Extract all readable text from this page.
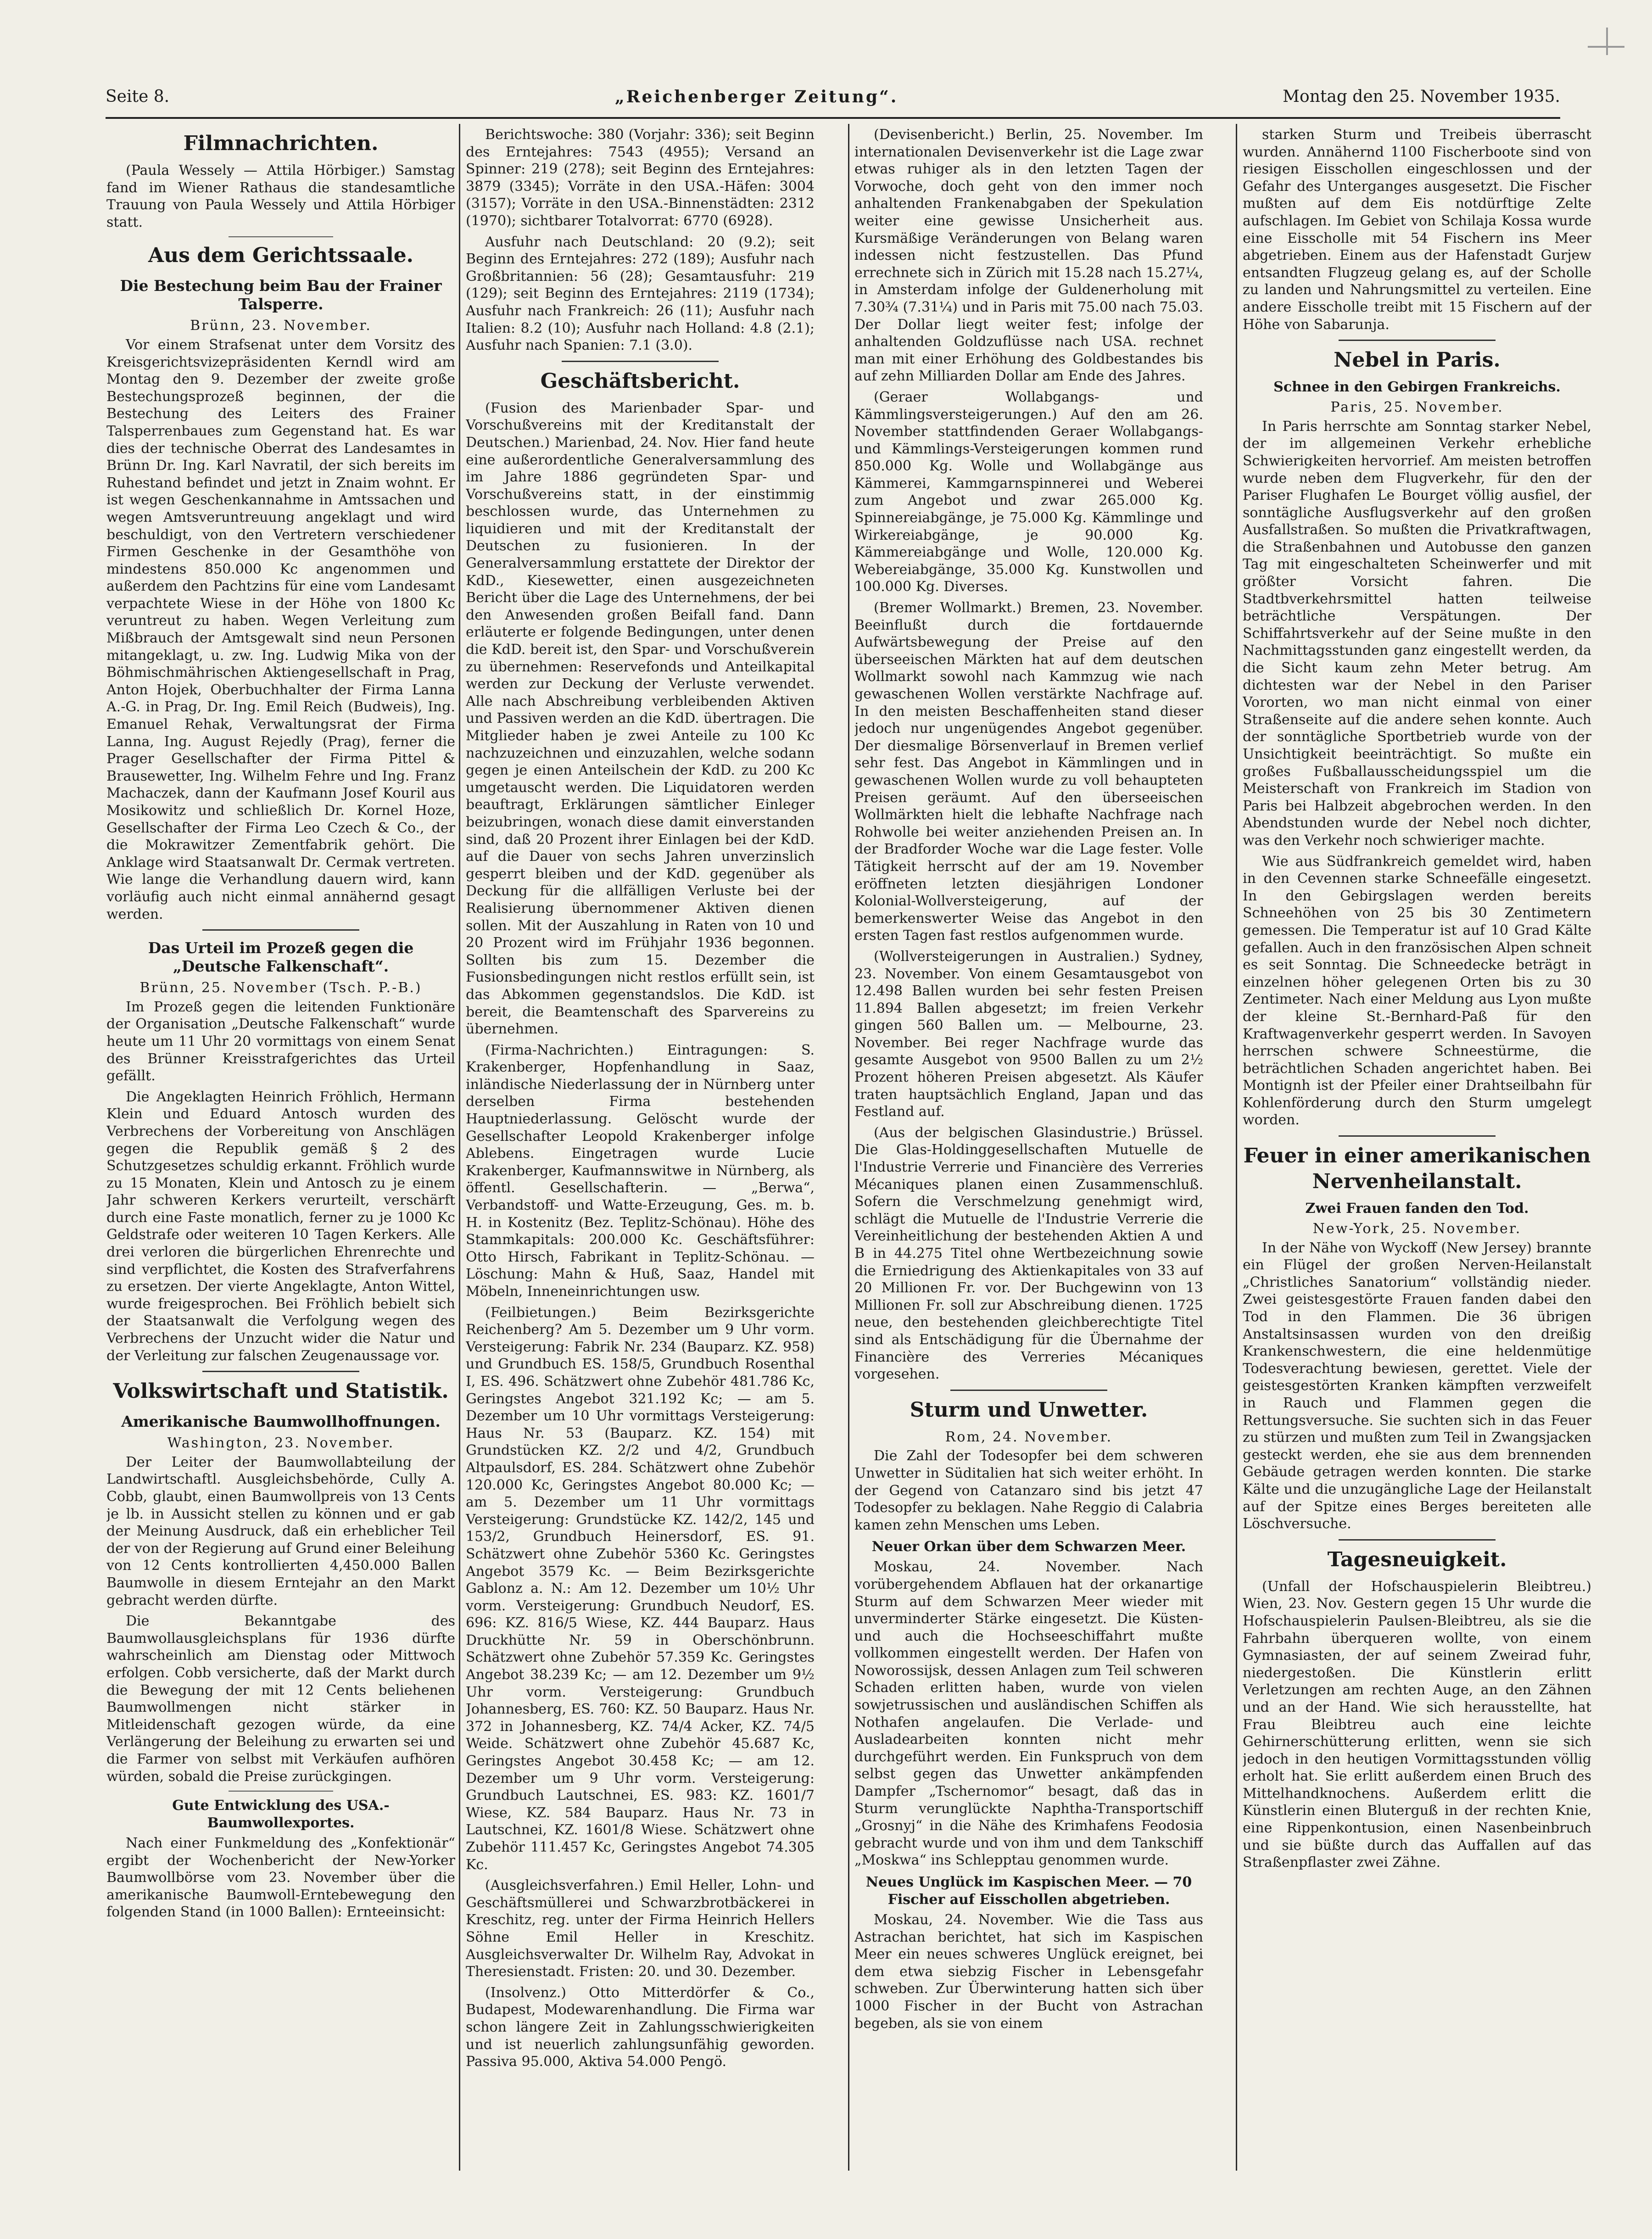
Seite 8.	„Reichenberger Zeitung“.	Montag den 25. November 1935.
Filmnachrichten.

(Paula Wessely — Attila Hörbiger.) Samstag fand im Wiener Rathaus die standesamtliche Trauung von Paula Wessely und Attila Hörbiger statt.

Aus dem Gerichtssaale.
Die Bestechung beim Bau der Frainer Talsperre.
Brünn, 23. November.

Vor einem Strafsenat unter dem Vorsitz des Kreisgerichtsvizepräsidenten Kerndl wird am Montag den 9. Dezember der zweite große Bestechungsprozeß beginnen, der die Bestechung des Leiters des Frainer Talsperrenbaues zum Gegenstand hat. Es war dies der technische Oberrat des Landesamtes in Brünn Dr. Ing. Karl Navratil, der sich bereits im Ruhestand befindet und jetzt in Znaim wohnt. Er ist wegen Geschenkannahme in Amtssachen und wegen Amtsveruntreuung angeklagt und wird beschuldigt, von den Vertretern verschiedener Firmen Geschenke in der Gesamthöhe von mindestens 850.000 Kc angenommen und außerdem den Pachtzins für eine vom Landesamt verpachtete Wiese in der Höhe von 1800 Kc veruntreut zu haben. Wegen Verleitung zum Mißbrauch der Amtsgewalt sind neun Personen mitangeklagt, u. zw. Ing. Ludwig Mika von der Böhmischmährischen Aktiengesellschaft in Prag, Anton Hojek, Oberbuchhalter der Firma Lanna A.-G. in Prag, Dr. Ing. Emil Reich (Budweis), Ing. Emanuel Rehak, Verwaltungsrat der Firma Lanna, Ing. August Rejedly (Prag), ferner die Prager Gesellschafter der Firma Pittel & Brausewetter, Ing. Wilhelm Fehre und Ing. Franz Machaczek, dann der Kaufmann Josef Kouril aus Mosikowitz und schließlich Dr. Kornel Hoze, Gesellschafter der Firma Leo Czech & Co., der die Mokrawitzer Zementfabrik gehört. Die Anklage wird Staatsanwalt Dr. Cermak vertreten. Wie lange die Verhandlung dauern wird, kann vorläufig auch nicht einmal annähernd gesagt werden.

Das Urteil im Prozeß gegen die „Deutsche Falkenschaft“.
Brünn, 25. November (Tsch. P.-B.)

Im Prozeß gegen die leitenden Funktionäre der Organisation „Deutsche Falkenschaft“ wurde heute um 11 Uhr 20 vormittags von einem Senat des Brünner Kreisstrafgerichtes das Urteil gefällt.

Die Angeklagten Heinrich Fröhlich, Hermann Klein und Eduard Antosch wurden des Verbrechens der Vorbereitung von Anschlägen gegen die Republik gemäß § 2 des Schutzgesetzes schuldig erkannt. Fröhlich wurde zu 15 Monaten, Klein und Antosch zu je einem Jahr schweren Kerkers verurteilt, verschärft durch eine Faste monatlich, ferner zu je 1000 Kc Geldstrafe oder weiteren 10 Tagen Kerkers. Alle drei verloren die bürgerlichen Ehrenrechte und sind verpflichtet, die Kosten des Strafverfahrens zu ersetzen. Der vierte Angeklagte, Anton Wittel, wurde freigesprochen. Bei Fröhlich bebielt sich der Staatsanwalt die Verfolgung wegen des Verbrechens der Unzucht wider die Natur und der Verleitung zur falschen Zeugenaussage vor.

Volkswirtschaft und Statistik.
Amerikanische Baumwollhoffnungen.
Washington, 23. November.

Der Leiter der Baumwollabteilung der Landwirtschaftl. Ausgleichsbehörde, Cully A. Cobb, glaubt, einen Baumwollpreis von 13 Cents je lb. in Aussicht stellen zu können und er gab der Meinung Ausdruck, daß ein erheblicher Teil der von der Regierung auf Grund einer Beleihung von 12 Cents kontrollierten 4,450.000 Ballen Baumwolle in diesem Erntejahr an den Markt gebracht werden dürfte.

Die Bekanntgabe des Baumwollausgleichsplans für 1936 dürfte wahrscheinlich am Dienstag oder Mittwoch erfolgen. Cobb versicherte, daß der Markt durch die Bewegung der mit 12 Cents beliehenen Baumwollmengen nicht stärker in Mitleidenschaft gezogen würde, da eine Verlängerung der Beleihung zu erwarten sei und die Farmer von selbst mit Verkäufen aufhören würden, sobald die Preise zurückgingen.

Gute Entwicklung des USA.-Baumwollexportes.

Nach einer Funkmeldung des „Konfektionär“ ergibt der Wochenbericht der New-Yorker Baumwollbörse vom 23. November über die amerikanische Baumwoll-Erntebewegung den folgenden Stand (in 1000 Ballen): Ernteeinsicht:

Berichtswoche: 380 (Vorjahr: 336); seit Beginn des Erntejahres: 7543 (4955); Versand an Spinner: 219 (278); seit Beginn des Erntejahres: 3879 (3345); Vorräte in den USA.-Häfen: 3004 (3157); Vorräte in den USA.-Binnenstädten: 2312 (1970); sichtbarer Totalvorrat: 6770 (6928).

Ausfuhr nach Deutschland: 20 (9.2); seit Beginn des Erntejahres: 272 (189); Ausfuhr nach Großbritannien: 56 (28); Gesamtausfuhr: 219 (129); seit Beginn des Erntejahres: 2119 (1734); Ausfuhr nach Frankreich: 26 (11); Ausfuhr nach Italien: 8.2 (10); Ausfuhr nach Holland: 4.8 (2.1); Ausfuhr nach Spanien: 7.1 (3.0).

Geschäftsbericht.

(Fusion des Marienbader Spar- und Vorschußvereins mit der Kreditanstalt der Deutschen.) Marienbad, 24. Nov. Hier fand heute eine außerordentliche Generalversammlung des im Jahre 1886 gegründeten Spar- und Vorschußvereins statt, in der einstimmig beschlossen wurde, das Unternehmen zu liquidieren und mit der Kreditanstalt der Deutschen zu fusionieren. In der Generalversammlung erstattete der Direktor der KdD., Kiesewetter, einen ausgezeichneten Bericht über die Lage des Unternehmens, der bei den Anwesenden großen Beifall fand. Dann erläuterte er folgende Bedingungen, unter denen die KdD. bereit ist, den Spar- und Vorschußverein zu übernehmen: Reservefonds und Anteilkapital werden zur Deckung der Verluste verwendet. Alle nach Abschreibung verbleibenden Aktiven und Passiven werden an die KdD. übertragen. Die Mitglieder haben je zwei Anteile zu 100 Kc nachzuzeichnen und einzuzahlen, welche sodann gegen je einen Anteilschein der KdD. zu 200 Kc umgetauscht werden. Die Liquidatoren werden beauftragt, Erklärungen sämtlicher Einleger beizubringen, wonach diese damit einverstanden sind, daß 20 Prozent ihrer Einlagen bei der KdD. auf die Dauer von sechs Jahren unverzinslich gesperrt bleiben und der KdD. gegenüber als Deckung für die allfälligen Verluste bei der Realisierung übernommener Aktiven dienen sollen. Mit der Auszahlung in Raten von 10 und 20 Prozent wird im Frühjahr 1936 begonnen. Sollten bis zum 15. Dezember die Fusionsbedingungen nicht restlos erfüllt sein, ist das Abkommen gegenstandslos. Die KdD. ist bereit, die Beamtenschaft des Sparvereins zu übernehmen.

(Firma-Nachrichten.) Eintragungen: S. Krakenberger, Hopfenhandlung in Saaz, inländische Niederlassung der in Nürnberg unter derselben Firma bestehenden Hauptniederlassung. Gelöscht wurde der Gesellschafter Leopold Krakenberger infolge Ablebens. Eingetragen wurde Lucie Krakenberger, Kaufmannswitwe in Nürnberg, als öffentl. Gesellschafterin. — „Berwa“, Verbandstoff- und Watte-Erzeugung, Ges. m. b. H. in Kostenitz (Bez. Teplitz-Schönau). Höhe des Stammkapitals: 200.000 Kc. Geschäftsführer: Otto Hirsch, Fabrikant in Teplitz-Schönau. — Löschung: Mahn & Huß, Saaz, Handel mit Möbeln, Inneneinrichtungen usw.

(Feilbietungen.) Beim Bezirksgerichte Reichenberg? Am 5. Dezember um 9 Uhr vorm. Versteigerung: Fabrik Nr. 234 (Bauparz. KZ. 958) und Grundbuch ES. 158/5, Grundbuch Rosenthal I, ES. 496. Schätzwert ohne Zubehör 481.786 Kc, Geringstes Angebot 321.192 Kc; — am 5. Dezember um 10 Uhr vormittags Versteigerung: Haus Nr. 53 (Bauparz. KZ. 154) mit Grundstücken KZ. 2/2 und 4/2, Grundbuch Altpaulsdorf, ES. 284. Schätzwert ohne Zubehör 120.000 Kc, Geringstes Angebot 80.000 Kc; — am 5. Dezember um 11 Uhr vormittags Versteigerung: Grundstücke KZ. 142/2, 145 und 153/2, Grundbuch Heinersdorf, ES. 91. Schätzwert ohne Zubehör 5360 Kc. Geringstes Angebot 3579 Kc. — Beim Bezirksgerichte Gablonz a. N.: Am 12. Dezember um 10½ Uhr vorm. Versteigerung: Grundbuch Neudorf, ES. 696: KZ. 816/5 Wiese, KZ. 444 Bauparz. Haus Druckhütte Nr. 59 in Oberschönbrunn. Schätzwert ohne Zubehör 57.359 Kc. Geringstes Angebot 38.239 Kc; — am 12. Dezember um 9½ Uhr vorm. Versteigerung: Grundbuch Johannesberg, ES. 760: KZ. 50 Bauparz. Haus Nr. 372 in Johannesberg, KZ. 74/4 Acker, KZ. 74/5 Weide. Schätzwert ohne Zubehör 45.687 Kc, Geringstes Angebot 30.458 Kc; — am 12. Dezember um 9 Uhr vorm. Versteigerung: Grundbuch Lautschnei, ES. 983: KZ. 1601/7 Wiese, KZ. 584 Bauparz. Haus Nr. 73 in Lautschnei, KZ. 1601/8 Wiese. Schätzwert ohne Zubehör 111.457 Kc, Geringstes Angebot 74.305 Kc.

(Ausgleichsverfahren.) Emil Heller, Lohn- und Geschäftsmüllerei und Schwarzbrotbäckerei in Kreschitz, reg. unter der Firma Heinrich Hellers Söhne Emil Heller in Kreschitz. Ausgleichsverwalter Dr. Wilhelm Ray, Advokat in Theresienstadt. Fristen: 20. und 30. Dezember.

(Insolvenz.) Otto Mitterdörfer & Co., Budapest, Modewarenhandlung. Die Firma war schon längere Zeit in Zahlungsschwierigkeiten und ist neuerlich zahlungsunfähig geworden. Passiva 95.000, Aktiva 54.000 Pengö.

(Devisenbericht.) Berlin, 25. November. Im internationalen Devisenverkehr ist die Lage zwar etwas ruhiger als in den letzten Tagen der Vorwoche, doch geht von den immer noch anhaltenden Frankenabgaben der Spekulation weiter eine gewisse Unsicherheit aus. Kursmäßige Veränderungen von Belang waren indessen nicht festzustellen. Das Pfund errechnete sich in Zürich mit 15.28 nach 15.27¼, in Amsterdam infolge der Guldenerholung mit 7.30¾ (7.31¼) und in Paris mit 75.00 nach 75.03. Der Dollar liegt weiter fest; infolge der anhaltenden Goldzuflüsse nach USA. rechnet man mit einer Erhöhung des Goldbestandes bis auf zehn Milliarden Dollar am Ende des Jahres.

(Geraer Wollabgangs- und Kämmlingsversteigerungen.) Auf den am 26. November stattfindenden Geraer Wollabgangs- und Kämmlings-Versteigerungen kommen rund 850.000 Kg. Wolle und Wollabgänge aus Kämmerei, Kammgarnspinnerei und Weberei zum Angebot und zwar 265.000 Kg. Spinnereiabgänge, je 75.000 Kg. Kämmlinge und Wirkereiabgänge, je 90.000 Kg. Kämmereiabgänge und Wolle, 120.000 Kg. Webereiabgänge, 35.000 Kg. Kunstwollen und 100.000 Kg. Diverses.

(Bremer Wollmarkt.) Bremen, 23. November. Beeinflußt durch die fortdauernde Aufwärtsbewegung der Preise auf den überseeischen Märkten hat auf dem deutschen Wollmarkt sowohl nach Kammzug wie nach gewaschenen Wollen verstärkte Nachfrage auf. In den meisten Beschaffenheiten stand dieser jedoch nur ungenügendes Angebot gegenüber. Der diesmalige Börsenverlauf in Bremen verlief sehr fest. Das Angebot in Kämmlingen und in gewaschenen Wollen wurde zu voll behaupteten Preisen geräumt. Auf den überseeischen Wollmärkten hielt die lebhafte Nachfrage nach Rohwolle bei weiter anziehenden Preisen an. In der Bradforder Woche war die Lage fester. Volle Tätigkeit herrscht auf der am 19. November eröffneten letzten diesjährigen Londoner Kolonial-Wollversteigerung, auf der bemerkenswerter Weise das Angebot in den ersten Tagen fast restlos aufgenommen wurde.

(Wollversteigerungen in Australien.) Sydney, 23. November. Von einem Gesamtausgebot von 12.498 Ballen wurden bei sehr festen Preisen 11.894 Ballen abgesetzt; im freien Verkehr gingen 560 Ballen um. — Melbourne, 23. November. Bei reger Nachfrage wurde das gesamte Ausgebot von 9500 Ballen zu um 2½ Prozent höheren Preisen abgesetzt. Als Käufer traten hauptsächlich England, Japan und das Festland auf.

(Aus der belgischen Glasindustrie.) Brüssel. Die Glas-Holdinggesellschaften Mutuelle de l'Industrie Verrerie und Financière des Verreries Mécaniques planen einen Zusammenschluß. Sofern die Verschmelzung genehmigt wird, schlägt die Mutuelle de l'Industrie Verrerie die Vereinheitlichung der bestehenden Aktien A und B in 44.275 Titel ohne Wertbezeichnung sowie die Erniedrigung des Aktienkapitales von 33 auf 20 Millionen Fr. vor. Der Buchgewinn von 13 Millionen Fr. soll zur Abschreibung dienen. 1725 neue, den bestehenden gleichberechtigte Titel sind als Entschädigung für die Übernahme der Financière des Verreries Mécaniques vorgesehen.

Sturm und Unwetter.
Rom, 24. November.

Die Zahl der Todesopfer bei dem schweren Unwetter in Süditalien hat sich weiter erhöht. In der Gegend von Catanzaro sind bis jetzt 47 Todesopfer zu beklagen. Nahe Reggio di Calabria kamen zehn Menschen ums Leben.

Neuer Orkan über dem Schwarzen Meer.

Moskau, 24. November. Nach vorübergehendem Abflauen hat der orkanartige Sturm auf dem Schwarzen Meer wieder mit unverminderter Stärke eingesetzt. Die Küsten- und auch die Hochseeschiffahrt mußte vollkommen eingestellt werden. Der Hafen von Noworossijsk, dessen Anlagen zum Teil schweren Schaden erlitten haben, wurde von vielen sowjetrussischen und ausländischen Schiffen als Nothafen angelaufen. Die Verlade- und Ausladearbeiten konnten nicht mehr durchgeführt werden. Ein Funkspruch von dem selbst gegen das Unwetter ankämpfenden Dampfer „Tschernomor“ besagt, daß das in Sturm verunglückte Naphtha-Transportschiff „Grosnyj“ in die Nähe des Krimhafens Feodosia gebracht wurde und von ihm und dem Tankschiff „Moskwa“ ins Schlepptau genommen wurde.

Neues Unglück im Kaspischen Meer. — 70 Fischer auf Eisschollen abgetrieben.

Moskau, 24. November. Wie die Tass aus Astrachan berichtet, hat sich im Kaspischen Meer ein neues schweres Unglück ereignet, bei dem etwa siebzig Fischer in Lebensgefahr schweben. Zur Überwinterung hatten sich über 1000 Fischer in der Bucht von Astrachan begeben, als sie von einem

starken Sturm und Treibeis überrascht wurden. Annähernd 1100 Fischerboote sind von riesigen Eisschollen eingeschlossen und der Gefahr des Unterganges ausgesetzt. Die Fischer mußten auf dem Eis notdürftige Zelte aufschlagen. Im Gebiet von Schilaja Kossa wurde eine Eisscholle mit 54 Fischern ins Meer abgetrieben. Einem aus der Hafenstadt Gurjew entsandten Flugzeug gelang es, auf der Scholle zu landen und Nahrungsmittel zu verteilen. Eine andere Eisscholle treibt mit 15 Fischern auf der Höhe von Sabarunja.

Nebel in Paris.
Schnee in den Gebirgen Frankreichs.
Paris, 25. November.

In Paris herrschte am Sonntag starker Nebel, der im allgemeinen Verkehr erhebliche Schwierigkeiten hervorrief. Am meisten betroffen wurde neben dem Flugverkehr, für den der Pariser Flughafen Le Bourget völlig ausfiel, der sonntägliche Ausflugsverkehr auf den großen Ausfallstraßen. So mußten die Privatkraftwagen, die Straßenbahnen und Autobusse den ganzen Tag mit eingeschalteten Scheinwerfer und mit größter Vorsicht fahren. Die Stadtbverkehrsmittel hatten teilweise beträchtliche Verspätungen. Der Schiffahrtsverkehr auf der Seine mußte in den Nachmittagsstunden ganz eingestellt werden, da die Sicht kaum zehn Meter betrug. Am dichtesten war der Nebel in den Pariser Vororten, wo man nicht einmal von einer Straßenseite auf die andere sehen konnte. Auch der sonntägliche Sportbetrieb wurde von der Unsichtigkeit beeinträchtigt. So mußte ein großes Fußballausscheidungsspiel um die Meisterschaft von Frankreich im Stadion von Paris bei Halbzeit abgebrochen werden. In den Abendstunden wurde der Nebel noch dichter, was den Verkehr noch schwieriger machte.

Wie aus Südfrankreich gemeldet wird, haben in den Cevennen starke Schneefälle eingesetzt. In den Gebirgslagen werden bereits Schneehöhen von 25 bis 30 Zentimetern gemessen. Die Temperatur ist auf 10 Grad Kälte gefallen. Auch in den französischen Alpen schneit es seit Sonntag. Die Schneedecke beträgt in einzelnen höher gelegenen Orten bis zu 30 Zentimeter. Nach einer Meldung aus Lyon mußte der kleine St.-Bernhard-Paß für den Kraftwagenverkehr gesperrt werden. In Savoyen herrschen schwere Schneestürme, die beträchtlichen Schaden angerichtet haben. Bei Montignh ist der Pfeiler einer Drahtseilbahn für Kohlenförderung durch den Sturm umgelegt worden.

Feuer in einer amerikanischen Nervenheilanstalt.
Zwei Frauen fanden den Tod.
New-York, 25. November.

In der Nähe von Wyckoff (New Jersey) brannte ein Flügel der großen Nerven-Heilanstalt „Christliches Sanatorium“ vollständig nieder. Zwei geistesgestörte Frauen fanden dabei den Tod in den Flammen. Die 36 übrigen Anstaltsinsassen wurden von den dreißig Krankenschwestern, die eine heldenmütige Todesverachtung bewiesen, gerettet. Viele der geistesgestörten Kranken kämpften verzweifelt in Rauch und Flammen gegen die Rettungsversuche. Sie suchten sich in das Feuer zu stürzen und mußten zum Teil in Zwangsjacken gesteckt werden, ehe sie aus dem brennenden Gebäude getragen werden konnten. Die starke Kälte und die unzugängliche Lage der Heilanstalt auf der Spitze eines Berges bereiteten alle Löschversuche.

Tagesneuigkeit.

(Unfall der Hofschauspielerin Bleibtreu.) Wien, 23. Nov. Gestern gegen 15 Uhr wurde die Hofschauspielerin Paulsen-Bleibtreu, als sie die Fahrbahn überqueren wollte, von einem Gymnasiasten, der auf seinem Zweirad fuhr, niedergestoßen. Die Künstlerin erlitt Verletzungen am rechten Auge, an den Zähnen und an der Hand. Wie sich herausstellte, hat Frau Bleibtreu auch eine leichte Gehirnerschütterung erlitten, wenn sie sich jedoch in den heutigen Vormittagsstunden völlig erholt hat. Sie erlitt außerdem einen Bruch des Mittelhandknochens. Außerdem erlitt die Künstlerin einen Bluterguß in der rechten Knie, eine Rippenkontusion, einen Nasenbeinbruch und sie büßte durch das Auffallen auf das Straßenpflaster zwei Zähne.
